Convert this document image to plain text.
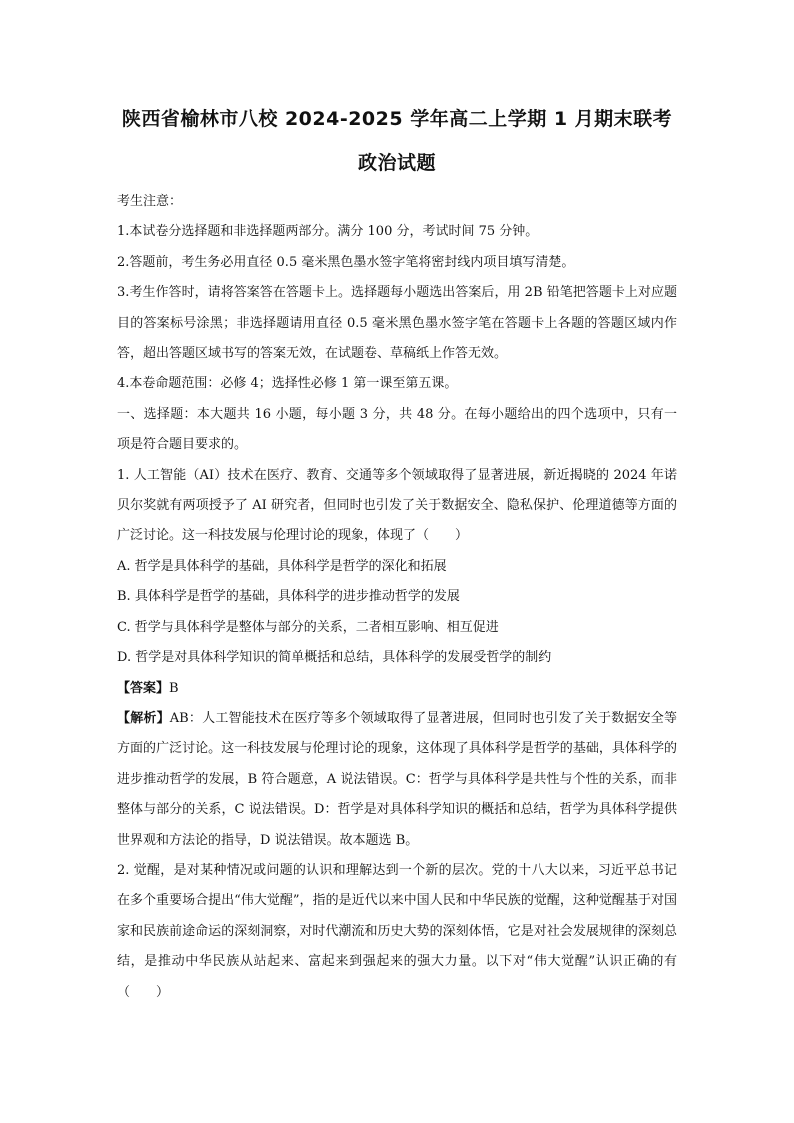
陕西省榆林市八校 2024-2025 学年高二上学期 1 月期末联考
政治试题

考生注意：

1.本试卷分选择题和非选择题两部分。满分 100 分，考试时间 75 分钟。

2.答题前，考生务必用直径 0.5 毫米黑色墨水签字笔将密封线内项目填写清楚。

3.考生作答时，请将答案答在答题卡上。选择题每小题选出答案后，用 2B 铅笔把答题卡上对应题目的答案标号涂黑；非选择题请用直径 0.5 毫米黑色墨水签字笔在答题卡上各题的答题区域内作答，超出答题区域书写的答案无效，在试题卷、草稿纸上作答无效。

4.本卷命题范围：必修 4；选择性必修 1 第一课至第五课。

一、选择题：本大题共 16 小题，每小题 3 分，共 48 分。在每小题给出的四个选项中，只有一项是符合题目要求的。

1. 人工智能（AI）技术在医疗、教育、交通等多个领域取得了显著进展，新近揭晓的 2024 年诺贝尔奖就有两项授予了 AI 研究者，但同时也引发了关于数据安全、隐私保护、伦理道德等方面的广泛讨论。这一科技发展与伦理讨论的现象，体现了（　　）

A. 哲学是具体科学的基础，具体科学是哲学的深化和拓展

B. 具体科学是哲学的基础，具体科学的进步推动哲学的发展

C. 哲学与具体科学是整体与部分的关系，二者相互影响、相互促进

D. 哲学是对具体科学知识的简单概括和总结，具体科学的发展受哲学的制约

【答案】B

【解析】AB：人工智能技术在医疗等多个领域取得了显著进展，但同时也引发了关于数据安全等方面的广泛讨论。这一科技发展与伦理讨论的现象，这体现了具体科学是哲学的基础，具体科学的进步推动哲学的发展，B 符合题意，A 说法错误。C：哲学与具体科学是共性与个性的关系，而非整体与部分的关系，C 说法错误。D：哲学是对具体科学知识的概括和总结，哲学为具体科学提供世界观和方法论的指导，D 说法错误。故本题选 B。

2. 觉醒，是对某种情况或问题的认识和理解达到一个新的层次。党的十八大以来，习近平总书记在多个重要场合提出“伟大觉醒”，指的是近代以来中国人民和中华民族的觉醒，这种觉醒基于对国家和民族前途命运的深刻洞察，对时代潮流和历史大势的深刻体悟，它是对社会发展规律的深刻总结，是推动中华民族从站起来、富起来到强起来的强大力量。以下对“伟大觉醒”认识正确的有（　　）
